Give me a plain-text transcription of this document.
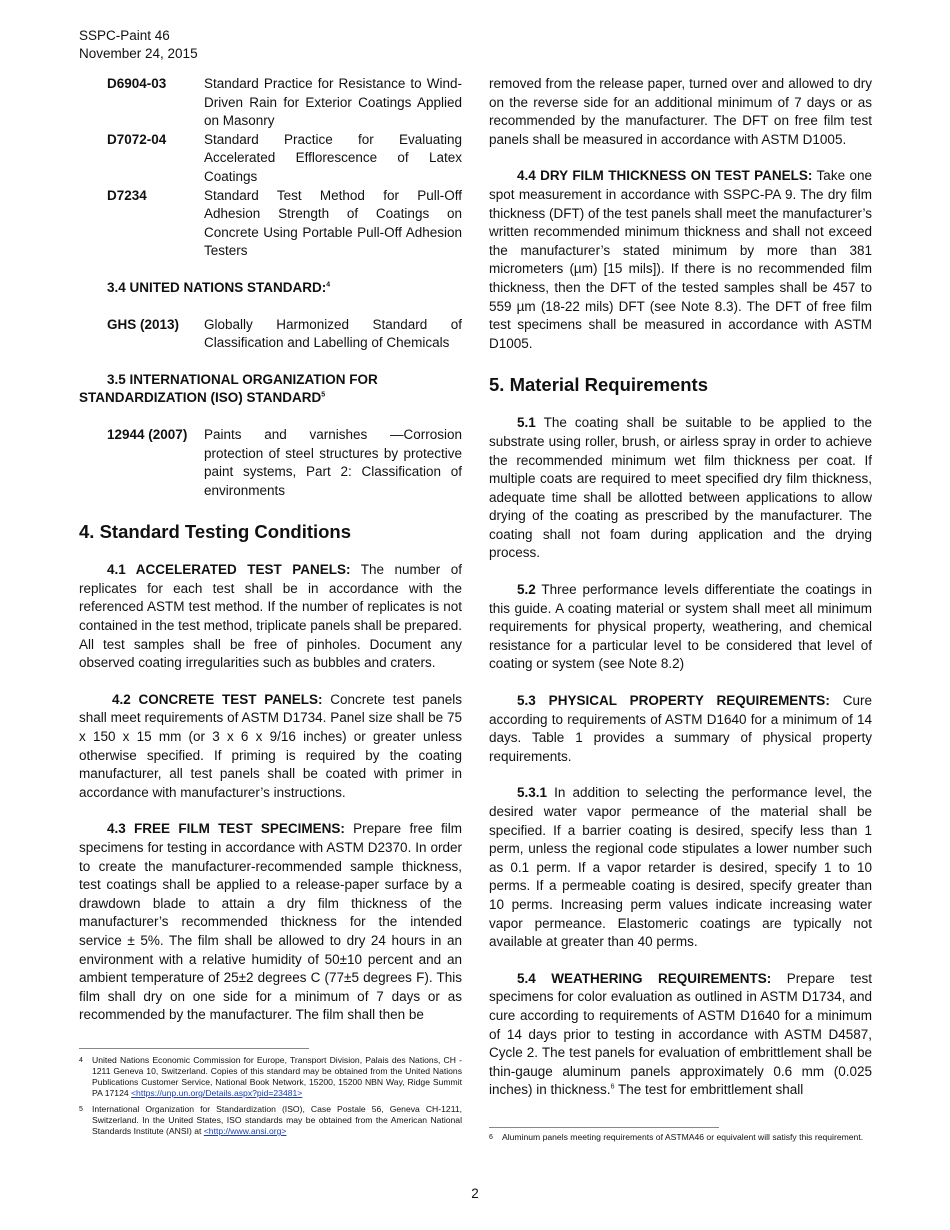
SSPC-Paint 46
November 24, 2015
D6904-03	Standard Practice for Resistance to Wind-Driven Rain for Exterior Coatings Applied on Masonry
D7072-04	Standard Practice for Evaluating Accelerated Efflorescence of Latex Coatings
D7234	Standard Test Method for Pull-Off Adhesion Strength of Coatings on Concrete Using Portable Pull-Off Adhesion Testers
3.4 UNITED NATIONS STANDARD:$^4$
GHS (2013)	Globally Harmonized Standard of Classification and Labelling of Chemicals
3.5 INTERNATIONAL ORGANIZATION FOR
STANDARDIZATION (ISO) STANDARD$^5$
12944 (2007)	Paints and varnishes —Corrosion protection of steel structures by protective paint systems, Part 2: Classification of environments
4. Standard Testing Conditions

4.1 ACCELERATED TEST PANELS: The number of replicates for each test shall be in accordance with the referenced ASTM test method. If the number of replicates is not contained in the test method, triplicate panels shall be prepared. All test samples shall be free of pinholes. Document any observed coating irregularities such as bubbles and craters.

4.2 CONCRETE TEST PANELS: Concrete test panels shall meet requirements of ASTM D1734. Panel size shall be 75 x 150 x 15 mm (or 3 x 6 x 9/16 inches) or greater unless otherwise specified. If priming is required by the coating manufacturer, all test panels shall be coated with primer in accordance with manufacturer’s instructions.

4.3 FREE FILM TEST SPECIMENS: Prepare free film specimens for testing in accordance with ASTM D2370. In order to create the manufacturer-recommended sample thickness, test coatings shall be applied to a release-paper surface by a drawdown blade to attain a dry film thickness of the manufacturer’s recommended thickness for the intended service ± 5%. The film shall be allowed to dry 24 hours in an environment with a relative humidity of 50±10 percent and an ambient temperature of 25±2 degrees C (77±5 degrees F). This film shall dry on one side for a minimum of 7 days or as recommended by the manufacturer. The film shall then be

4 United Nations Economic Commission for Europe, Transport Division, Palais des Nations, CH - 1211 Geneva 10, Switzerland. Copies of this standard may be obtained from the United Nations Publications Customer Service, National Book Network, 15200, 15200 NBN Way, Ridge Summit PA 17124 <https://unp.un.org/Details.aspx?pid=23481>
5 International Organization for Standardization (ISO), Case Postale 56, Geneva CH-1211, Switzerland. In the United States, ISO standards may be obtained from the American National Standards Institute (ANSI) at <http://www.ansi.org>

removed from the release paper, turned over and allowed to dry on the reverse side for an additional minimum of 7 days or as recommended by the manufacturer. The DFT on free film test panels shall be measured in accordance with ASTM D1005.

4.4 DRY FILM THICKNESS ON TEST PANELS: Take one spot measurement in accordance with SSPC-PA 9. The dry film thickness (DFT) of the test panels shall meet the manufacturer’s written recommended minimum thickness and shall not exceed the manufacturer’s stated minimum by more than 381 micrometers (µm) [15 mils]). If there is no recommended film thickness, then the DFT of the tested samples shall be 457 to 559 µm (18-22 mils) DFT (see Note 8.3). The DFT of free film test specimens shall be measured in accordance with ASTM D1005.

5. Material Requirements

5.1 The coating shall be suitable to be applied to the substrate using roller, brush, or airless spray in order to achieve the recommended minimum wet film thickness per coat. If multiple coats are required to meet specified dry film thickness, adequate time shall be allotted between applications to allow drying of the coating as prescribed by the manufacturer. The coating shall not foam during application and the drying process.

5.2 Three performance levels differentiate the coatings in this guide. A coating material or system shall meet all minimum requirements for physical property, weathering, and chemical resistance for a particular level to be considered that level of coating or system (see Note 8.2)

5.3 PHYSICAL PROPERTY REQUIREMENTS: Cure according to requirements of ASTM D1640 for a minimum of 14 days. Table 1 provides a summary of physical property requirements.

5.3.1 In addition to selecting the performance level, the desired water vapor permeance of the material shall be specified. If a barrier coating is desired, specify less than 1 perm, unless the regional code stipulates a lower number such as 0.1 perm. If a vapor retarder is desired, specify 1 to 10 perms. If a permeable coating is desired, specify greater than 10 perms. Increasing perm values indicate increasing water vapor permeance. Elastomeric coatings are typically not available at greater than 40 perms.

5.4 WEATHERING REQUIREMENTS: Prepare test specimens for color evaluation as outlined in ASTM D1734, and cure according to requirements of ASTM D1640 for a minimum of 14 days prior to testing in accordance with ASTM D4587, Cycle 2. The test panels for evaluation of embrittlement shall be thin-gauge aluminum panels approximately 0.6 mm (0.025 inches) in thickness.$^6$ The test for embrittlement shall

6 Aluminum panels meeting requirements of ASTMA46 or equivalent will satisfy this requirement.
2
